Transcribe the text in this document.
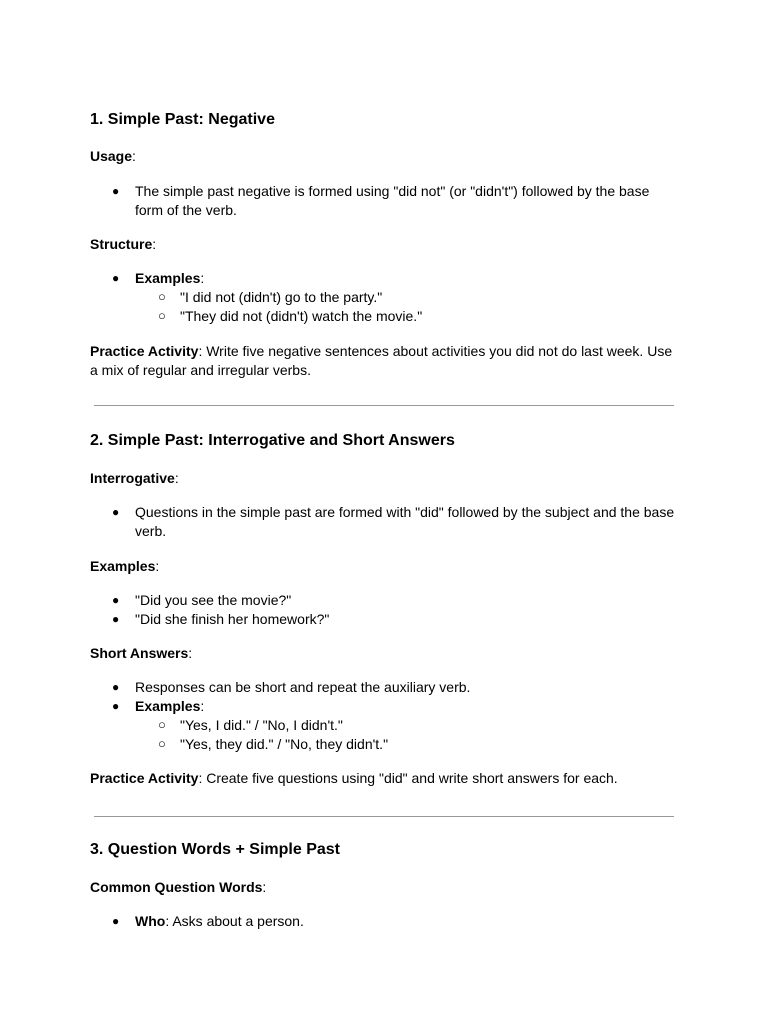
1. Simple Past: Negative
Usage:
● The simple past negative is formed using "did not" (or "didn't") followed by the base form of the verb.
Structure:
● Examples:
○ "I did not (didn't) go to the party."
○ "They did not (didn't) watch the movie."
Practice Activity: Write five negative sentences about activities you did not do last week. Use a mix of regular and irregular verbs.
2. Simple Past: Interrogative and Short Answers
Interrogative:
● Questions in the simple past are formed with "did" followed by the subject and the base verb.
Examples:
● "Did you see the movie?"
● "Did she finish her homework?"
Short Answers:
● Responses can be short and repeat the auxiliary verb.
● Examples:
○ "Yes, I did." / "No, I didn't."
○ "Yes, they did." / "No, they didn't."
Practice Activity: Create five questions using "did" and write short answers for each.
3. Question Words + Simple Past
Common Question Words:
● Who: Asks about a person.
